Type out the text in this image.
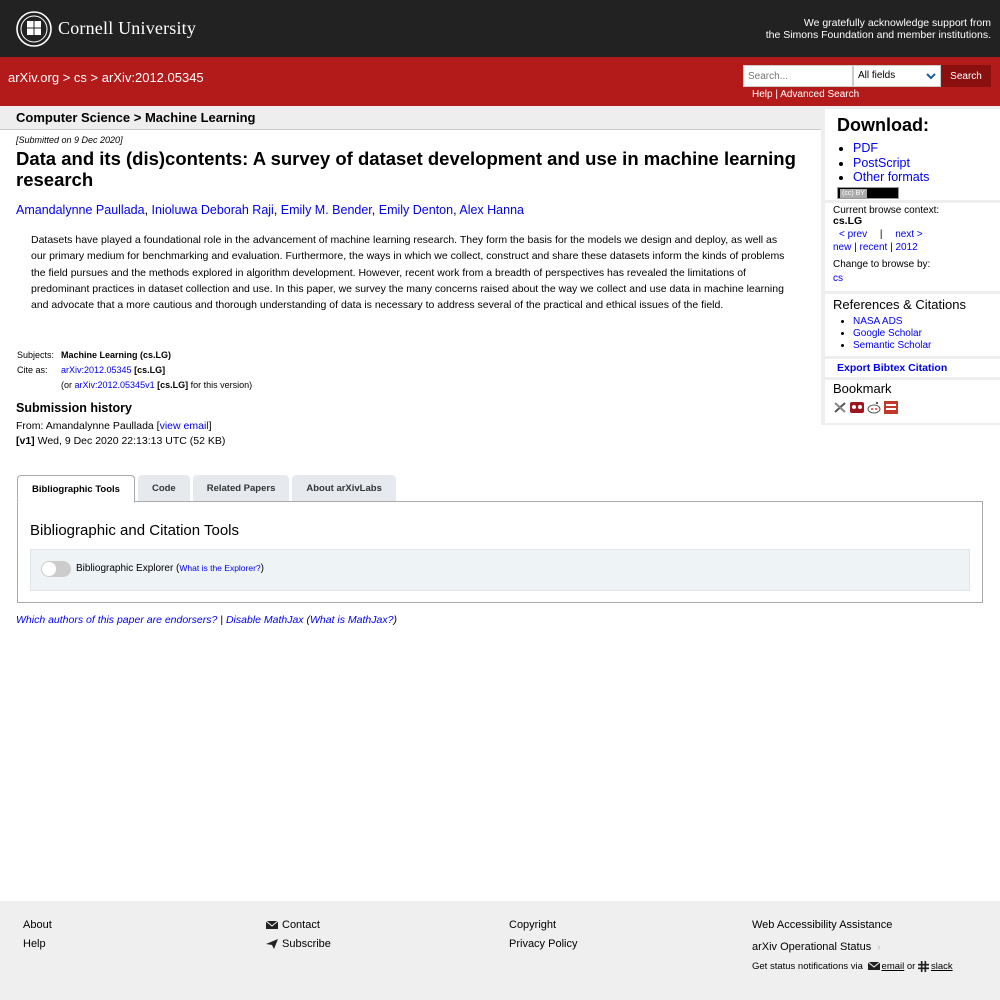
Cornell University	We gratefully acknowledge support from
the Simons Foundation and member institutions.
arXiv.org > cs > arXiv:2012.05345
Search...	All fields	Search
Help | Advanced Search
Computer Science > Machine Learning
[Submitted on 9 Dec 2020]
Data and its (dis)contents: A survey of dataset development and use in machine learning research
Amandalynne Paullada, Inioluwa Deborah Raji, Emily M. Bender, Emily Denton, Alex Hanna

Datasets have played a foundational role in the advancement of machine learning research. They form the basis for the models we design and deploy, as well as our primary medium for benchmarking and evaluation. Furthermore, the ways in which we collect, construct and share these datasets inform the kinds of problems the field pursues and the methods explored in algorithm development. However, recent work from a breadth of perspectives has revealed the limitations of predominant practices in dataset collection and use. In this paper, we survey the many concerns raised about the way we collect and use data in machine learning and advocate that a more cautious and thorough understanding of data is necessary to address several of the practical and ethical issues of the field.

Subjects:	Machine Learning (cs.LG)
Cite as:	arXiv:2012.05345 [cs.LG]
	(or arXiv:2012.05345v1 [cs.LG] for this version)
Submission history
From: Amandalynne Paullada [view email]
[v1] Wed, 9 Dec 2020 22:13:13 UTC (52 KB)
Bibliographic Tools	Code	Related Papers	About arXivLabs
Bibliographic and Citation Tools
Bibliographic Explorer (What is the Explorer?)
Which authors of this paper are endorsers? | Disable MathJax (What is MathJax?)
Download:
• PDF
• PostScript
• Other formats
(cc) BY
Current browse context:
cs.LG
< prev | next >
new | recent | 2012
Change to browse by:
cs
References & Citations
• NASA ADS
• Google Scholar
• Semantic Scholar
Export Bibtex Citation
Bookmark
About
Help
Contact
Subscribe
Copyright
Privacy Policy
Web Accessibility Assistance
arXiv Operational Status ›
Get status notifications via email or slack
